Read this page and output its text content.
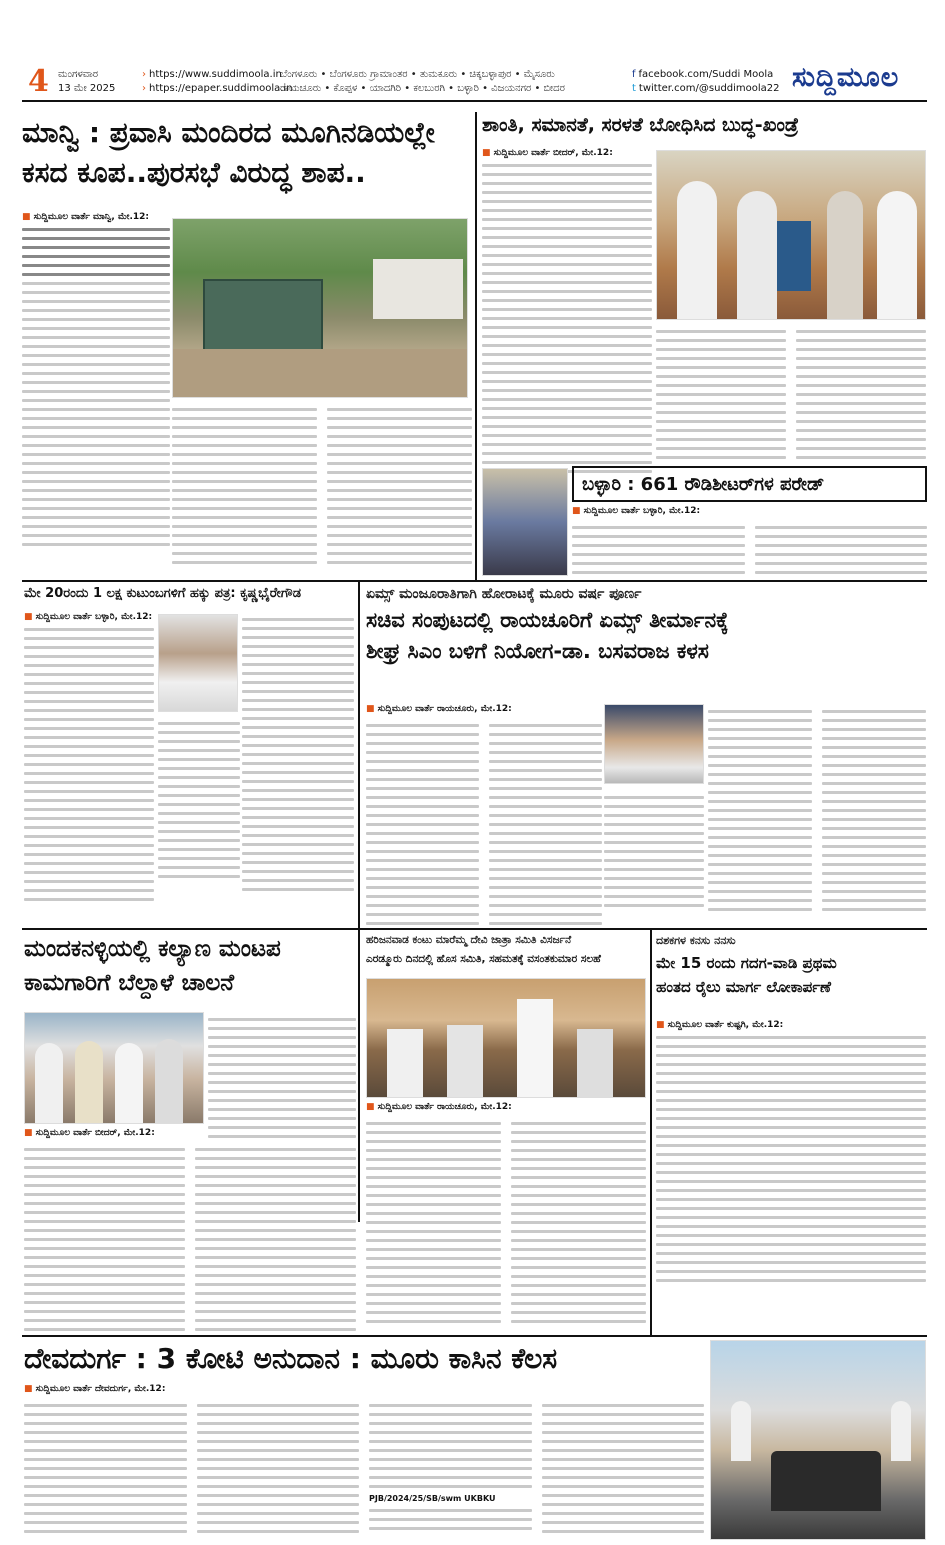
4 ಮಂಗಳವಾರ
13 ಮೇ 2025
› https://www.suddimoola.in
› https://epaper.suddimoola.in
ಬೆಂಗಳೂರು • ಬೆಂಗಳೂರು ಗ್ರಾಮಾಂತರ • ತುಮಕೂರು • ಚಿಕ್ಕಬಳ್ಳಾಪುರ • ಮೈಸೂರು
ರಾಯಚೂರು • ಕೊಪ್ಪಳ • ಯಾದಗಿರಿ • ಕಲಬುರಗಿ • ಬಳ್ಳಾರಿ • ವಿಜಯನಗರ • ಬೀದರ
f facebook.com/Suddi Moola
t twitter.com/@suddimoola22 ಸುದ್ದಿಮೂಲ
ಮಾನ್ವಿ : ಪ್ರವಾಸಿ ಮಂದಿರದ ಮೂಗಿನಡಿಯಲ್ಲೇ
ಕಸದ ಕೂಪ..ಪುರಸಭೆ ವಿರುದ್ಧ ಶಾಪ..
■ ಸುದ್ದಿಮೂಲ ವಾರ್ತೆ ಮಾನ್ವಿ, ಮೇ.12:
ಶಾಂತಿ, ಸಮಾನತೆ, ಸರಳತೆ ಬೋಧಿಸಿದ ಬುದ್ಧ-ಖಂಡ್ರೆ
■ ಸುದ್ದಿಮೂಲ ವಾರ್ತೆ ಬೀದರ್, ಮೇ.12:
ಬಳ್ಳಾರಿ : 661 ರೌಡಿಶೀಟರ್‌ಗಳ ಪರೇಡ್
■ ಸುದ್ದಿಮೂಲ ವಾರ್ತೆ ಬಳ್ಳಾರಿ, ಮೇ.12:
ಮೇ 20ರಂದು 1 ಲಕ್ಷ ಕುಟುಂಬಗಳಿಗೆ ಹಕ್ಕು ಪತ್ರ: ಕೃಷ್ಣಭೈರೇಗೌಡ
■ ಸುದ್ದಿಮೂಲ ವಾರ್ತೆ ಬಳ್ಳಾರಿ, ಮೇ.12:
ಏಮ್ಸ್ ಮಂಜೂರಾತಿಗಾಗಿ ಹೋರಾಟಕ್ಕೆ ಮೂರು ವರ್ಷ ಪೂರ್ಣ
ಸಚಿವ ಸಂಪುಟದಲ್ಲಿ ರಾಯಚೂರಿಗೆ ಏಮ್ಸ್ ತೀರ್ಮಾನಕ್ಕೆ
ಶೀಘ್ರ ಸಿಎಂ ಬಳಿಗೆ ನಿಯೋಗ-ಡಾ. ಬಸವರಾಜ ಕಳಸ
■ ಸುದ್ದಿಮೂಲ ವಾರ್ತೆ ರಾಯಚೂರು, ಮೇ.12:
ಮಂದಕನಳ್ಳಿಯಲ್ಲಿ ಕಲ್ಯಾಣ ಮಂಟಪ
ಕಾಮಗಾರಿಗೆ ಬೆಲ್ದಾಳೆ ಚಾಲನೆ
■ ಸುದ್ದಿಮೂಲ ವಾರ್ತೆ ಬೀದರ್, ಮೇ.12:
ಹರಿಜನವಾಡ ಕಂಟು ಮಾರೆಮ್ಮ ದೇವಿ ಜಾತ್ರಾ ಸಮಿತಿ ವಿಸರ್ಜನೆ
ಎರಡ್ಮೂರು ದಿನದಲ್ಲಿ ಹೊಸ ಸಮಿತಿ, ಸಹಮತಕ್ಕೆ ವಸಂತಕುಮಾರ ಸಲಹೆ
■ ಸುದ್ದಿಮೂಲ ವಾರ್ತೆ ರಾಯಚೂರು, ಮೇ.12:
ದಶಕಗಳ ಕನಸು ನನಸು
ಮೇ 15 ರಂದು ಗದಗ-ವಾಡಿ ಪ್ರಥಮ
ಹಂತದ ರೈಲು ಮಾರ್ಗ ಲೋಕಾರ್ಪಣೆ
■ ಸುದ್ದಿಮೂಲ ವಾರ್ತೆ ಕುಷ್ಟಗಿ, ಮೇ.12:
ದೇವದುರ್ಗ : 3 ಕೋಟಿ ಅನುದಾನ : ಮೂರು ಕಾಸಿನ ಕೆಲಸ
■ ಸುದ್ದಿಮೂಲ ವಾರ್ತೆ ದೇವದುರ್ಗ, ಮೇ.12:
PJB/2024/25/SB/swm UKBKU
